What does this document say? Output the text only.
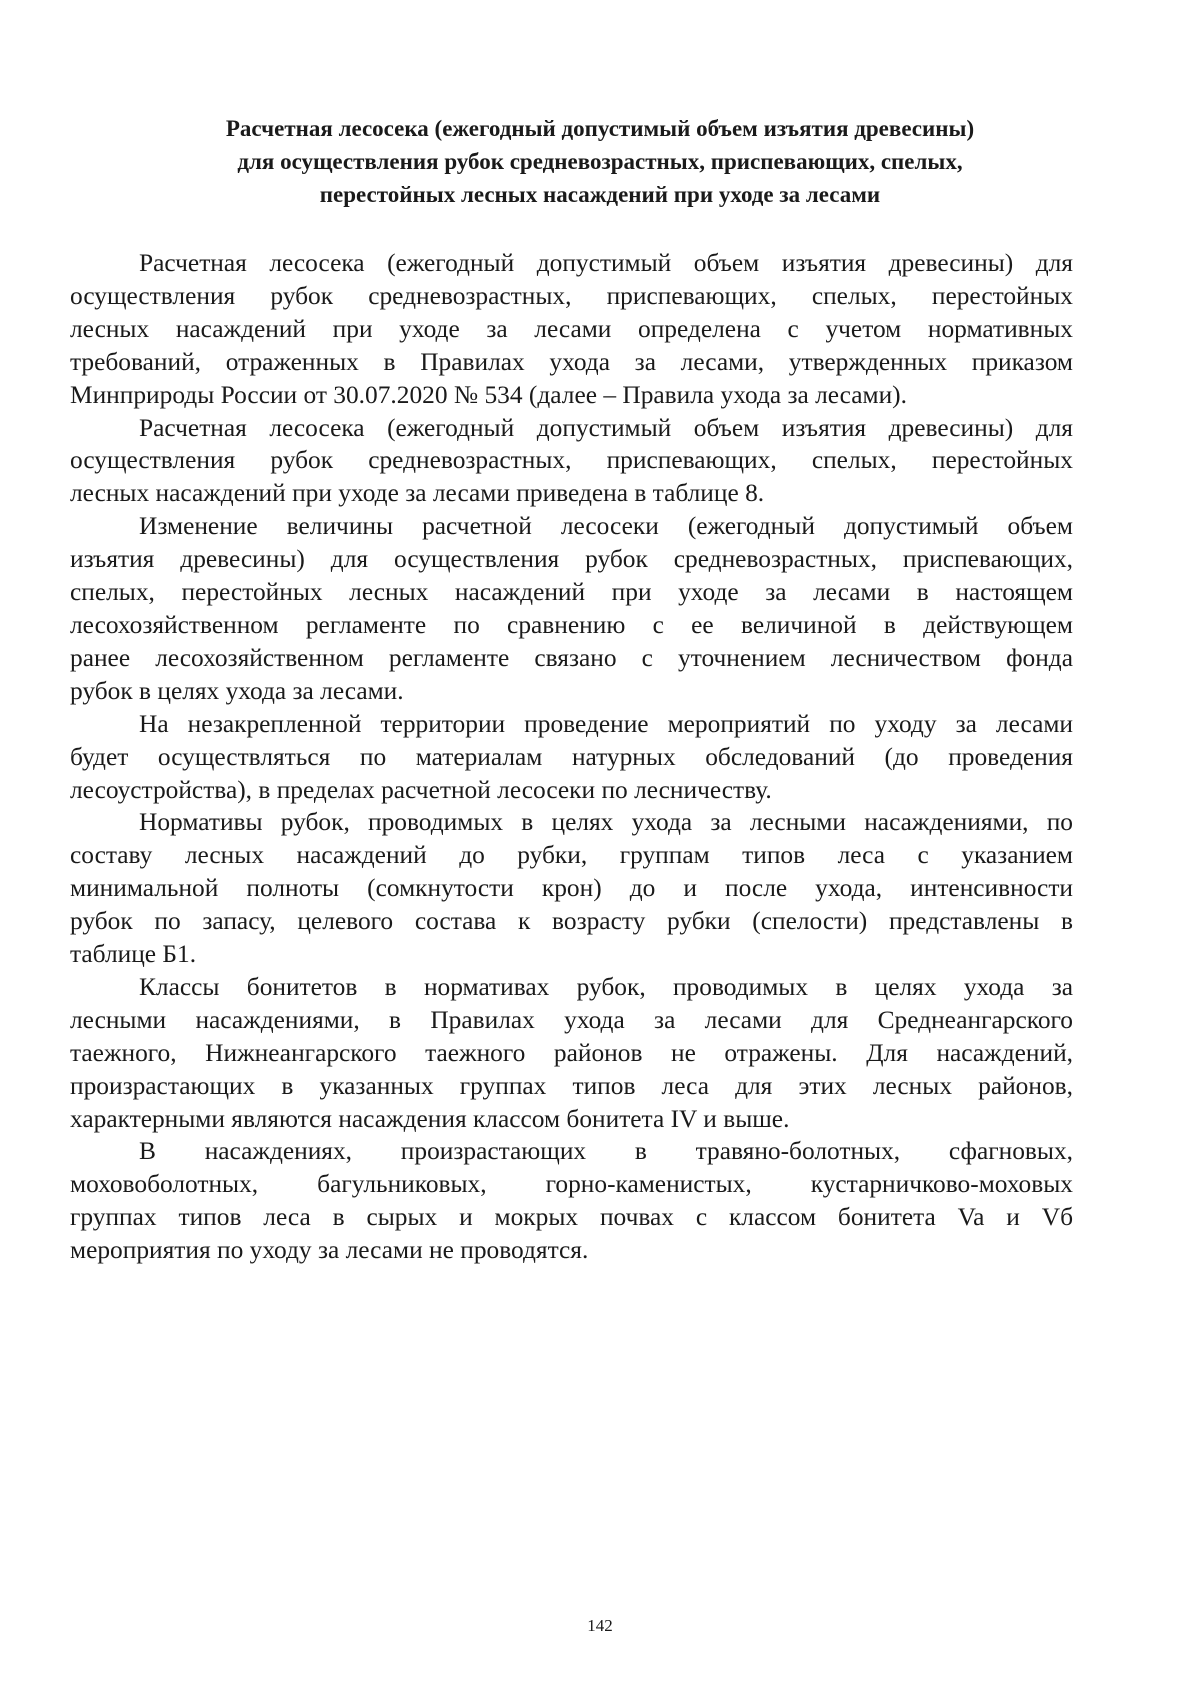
Расчетная лесосека (ежегодный допустимый объем изъятия древесины)
для осуществления рубок средневозрастных, приспевающих, спелых,
перестойных лесных насаждений при уходе за лесами

Расчетная лесосека (ежегодный допустимый объем изъятия древесины) для
осуществления рубок средневозрастных, приспевающих, спелых, перестойных
лесных насаждений при уходе за лесами определена с учетом нормативных
требований, отраженных в Правилах ухода за лесами, утвержденных приказом
Минприроды России от 30.07.2020 № 534 (далее – Правила ухода за лесами).

Расчетная лесосека (ежегодный допустимый объем изъятия древесины) для
осуществления рубок средневозрастных, приспевающих, спелых, перестойных
лесных насаждений при уходе за лесами приведена в таблице 8.

Изменение величины расчетной лесосеки (ежегодный допустимый объем
изъятия древесины) для осуществления рубок средневозрастных, приспевающих,
спелых, перестойных лесных насаждений при уходе за лесами в настоящем
лесохозяйственном регламенте по сравнению с ее величиной в действующем
ранее лесохозяйственном регламенте связано с уточнением лесничеством фонда
рубок в целях ухода за лесами.

На незакрепленной территории проведение мероприятий по уходу за лесами
будет осуществляться по материалам натурных обследований (до проведения
лесоустройства), в пределах расчетной лесосеки по лесничеству.

Нормативы рубок, проводимых в целях ухода за лесными насаждениями, по
составу лесных насаждений до рубки, группам типов леса с указанием
минимальной полноты (сомкнутости крон) до и после ухода, интенсивности
рубок по запасу, целевого состава к возрасту рубки (спелости) представлены в
таблице Б1.

Классы бонитетов в нормативах рубок, проводимых в целях ухода за
лесными насаждениями, в Правилах ухода за лесами для Среднеангарского
таежного, Нижнеангарского таежного районов не отражены. Для насаждений,
произрастающих в указанных группах типов леса для этих лесных районов,
характерными являются насаждения классом бонитета IV и выше.

В насаждениях, произрастающих в травяно-болотных, сфагновых,
моховоболотных, багульниковых, горно-каменистых, кустарничково-моховых
группах типов леса в сырых и мокрых почвах с классом бонитета Va и Vб
мероприятия по уходу за лесами не проводятся.

142
